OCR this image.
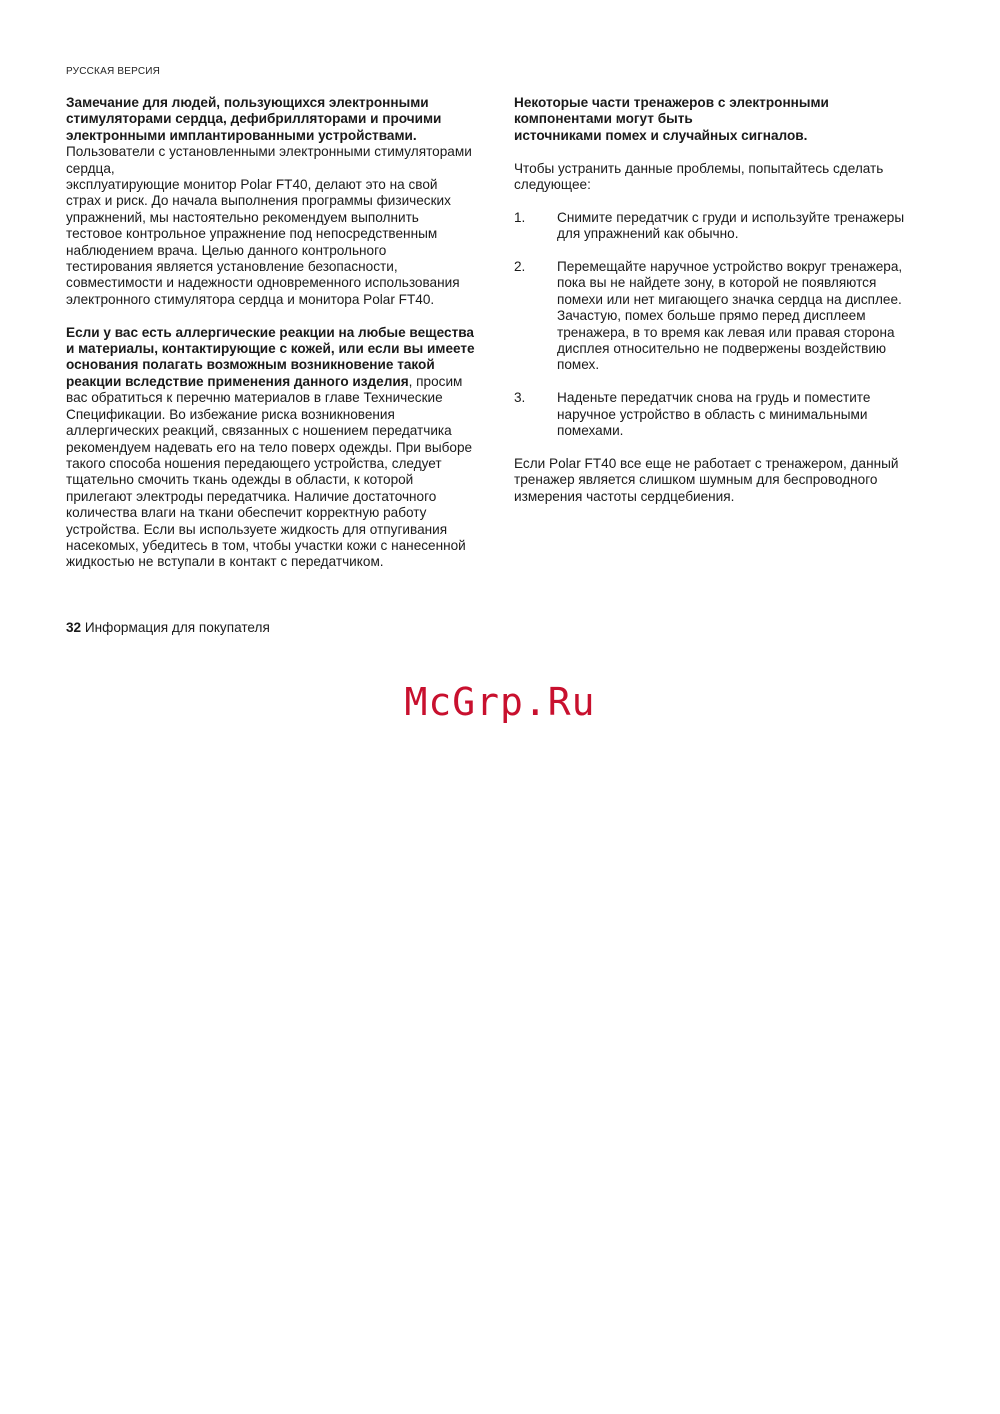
РУССКАЯ ВЕРСИЯ

Замечание для людей, пользующихся электронными стимуляторами сердца, дефибрилляторами и прочими электронными имплантированными устройствами.

Пользователи с установленными электронными стимуляторами сердца,

эксплуатирующие монитор Polar FT40, делают это на свой страх и риск. До начала выполнения программы физических упражнений, мы настоятельно рекомендуем выполнить тестовое контрольное упражнение под непосредственным наблюдением врача. Целью данного контрольного тестирования является установление безопасности, совместимости и надежности одновременного использования электронного стимулятора сердца и монитора Polar FT40.

Если у вас есть аллергические реакции на любые вещества и материалы, контактирующие с кожей, или если вы имеете основания полагать возможным возникновение такой реакции вследствие применения данного изделия, просим вас обратиться к перечню материалов в главе Технические Спецификации. Во избежание риска возникновения аллергических реакций, связанных с ношением передатчика рекомендуем надевать его на тело поверх одежды. При выборе такого способа ношения передающего устройства, следует тщательно смочить ткань одежды в области, к которой прилегают электроды передатчика. Наличие достаточного количества влаги на ткани обеспечит корректную работу устройства. Если вы используете жидкость для отпугивания насекомых, убедитесь в том, чтобы участки кожи с нанесенной жидкостью не вступали в контакт с передатчиком.

Некоторые части тренажеров с электронными компонентами могут быть

источниками помех и случайных сигналов.

Чтобы устранить данные проблемы, попытайтесь сделать следующее:

1.	Снимите передатчик с груди и используйте тренажеры для упражнений как обычно.
2.	Перемещайте наручное устройство вокруг тренажера, пока вы не найдете зону, в которой не появляются помехи или нет мигающего значка сердца на дисплее. Зачастую, помех больше прямо перед дисплеем тренажера, в то время как левая или правая сторона дисплея относительно не подвержены воздействию помех.
3.	Наденьте передатчик снова на грудь и поместите наручное устройство в область с минимальными помехами.

Если Polar FT40 все еще не работает с тренажером, данный тренажер является слишком шумным для беспроводного измерения частоты сердцебиения.

32 Информация для покупателя
McGrp.Ru
